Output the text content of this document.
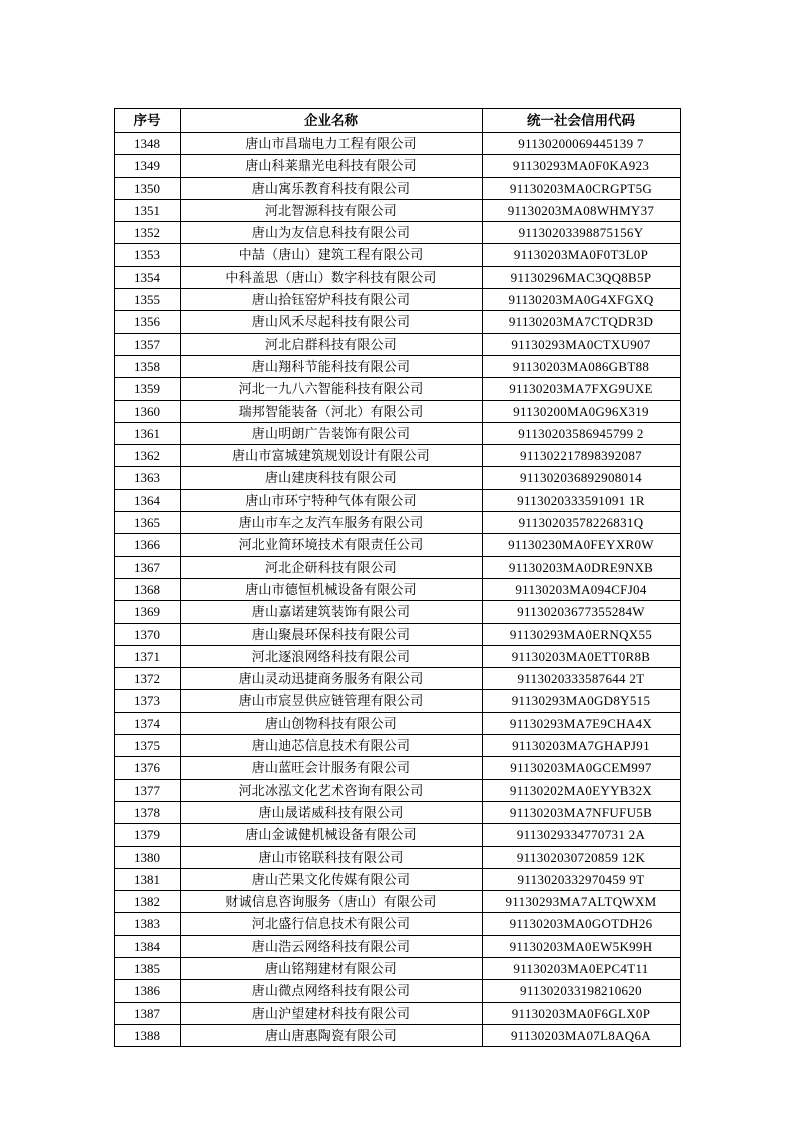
序号	企业名称	统一社会信用代码
1348	唐山市昌瑞电力工程有限公司	91130200069445139 7
1349	唐山科莱鼎光电科技有限公司	91130293MA0F0KA923
1350	唐山寓乐教育科技有限公司	91130203MA0CRGPT5G
1351	河北智源科技有限公司	91130203MA08WHMY37
1352	唐山为友信息科技有限公司	91130203398875156Y
1353	中喆（唐山）建筑工程有限公司	91130203MA0F0T3L0P
1354	中科盖思（唐山）数字科技有限公司	91130296MAC3QQ8B5P
1355	唐山拾钰窑炉科技有限公司	91130203MA0G4XFGXQ
1356	唐山风禾尽起科技有限公司	91130203MA7CTQDR3D
1357	河北启群科技有限公司	91130293MA0CTXU907
1358	唐山翔科节能科技有限公司	91130203MA086GBT88
1359	河北一九八六智能科技有限公司	91130203MA7FXG9UXE
1360	瑞邦智能装备（河北）有限公司	91130200MA0G96X319
1361	唐山明朗广告装饰有限公司	91130203586945799 2
1362	唐山市富城建筑规划设计有限公司	911302217898392087
1363	唐山建庚科技有限公司	911302036892908014
1364	唐山市环宁特种气体有限公司	9113020333591091 1R
1365	唐山市车之友汽车服务有限公司	91130203578226831Q
1366	河北业简环境技术有限责任公司	91130230MA0FEYXR0W
1367	河北企研科技有限公司	91130203MA0DRE9NXB
1368	唐山市德恒机械设备有限公司	91130203MA094CFJ04
1369	唐山嘉诺建筑装饰有限公司	91130203677355284W
1370	唐山聚晨环保科技有限公司	91130293MA0ERNQX55
1371	河北逐浪网络科技有限公司	91130203MA0ETT0R8B
1372	唐山灵动迅捷商务服务有限公司	9113020333587644 2T
1373	唐山市宸昱供应链管理有限公司	91130293MA0GD8Y515
1374	唐山创物科技有限公司	91130293MA7E9CHA4X
1375	唐山迪芯信息技术有限公司	91130203MA7GHAPJ91
1376	唐山蓝旺会计服务有限公司	91130203MA0GCEM997
1377	河北冰泓文化艺术咨询有限公司	91130202MA0EYYB32X
1378	唐山晟诺威科技有限公司	91130203MA7NFUFU5B
1379	唐山金诚健机械设备有限公司	9113029334770731 2A
1380	唐山市铭联科技有限公司	911302030720859 12K
1381	唐山芒果文化传媒有限公司	9113020332970459 9T
1382	财诚信息咨询服务（唐山）有限公司	91130293MA7ALTQWXM
1383	河北盛行信息技术有限公司	91130203MA0GOTDH26
1384	唐山浩云网络科技有限公司	91130203MA0EW5K99H
1385	唐山铭翔建材有限公司	91130203MA0EPC4T11
1386	唐山微点网络科技有限公司	911302033198210620
1387	唐山沪望建材科技有限公司	91130203MA0F6GLX0P
1388	唐山唐惠陶瓷有限公司	91130203MA07L8AQ6A
